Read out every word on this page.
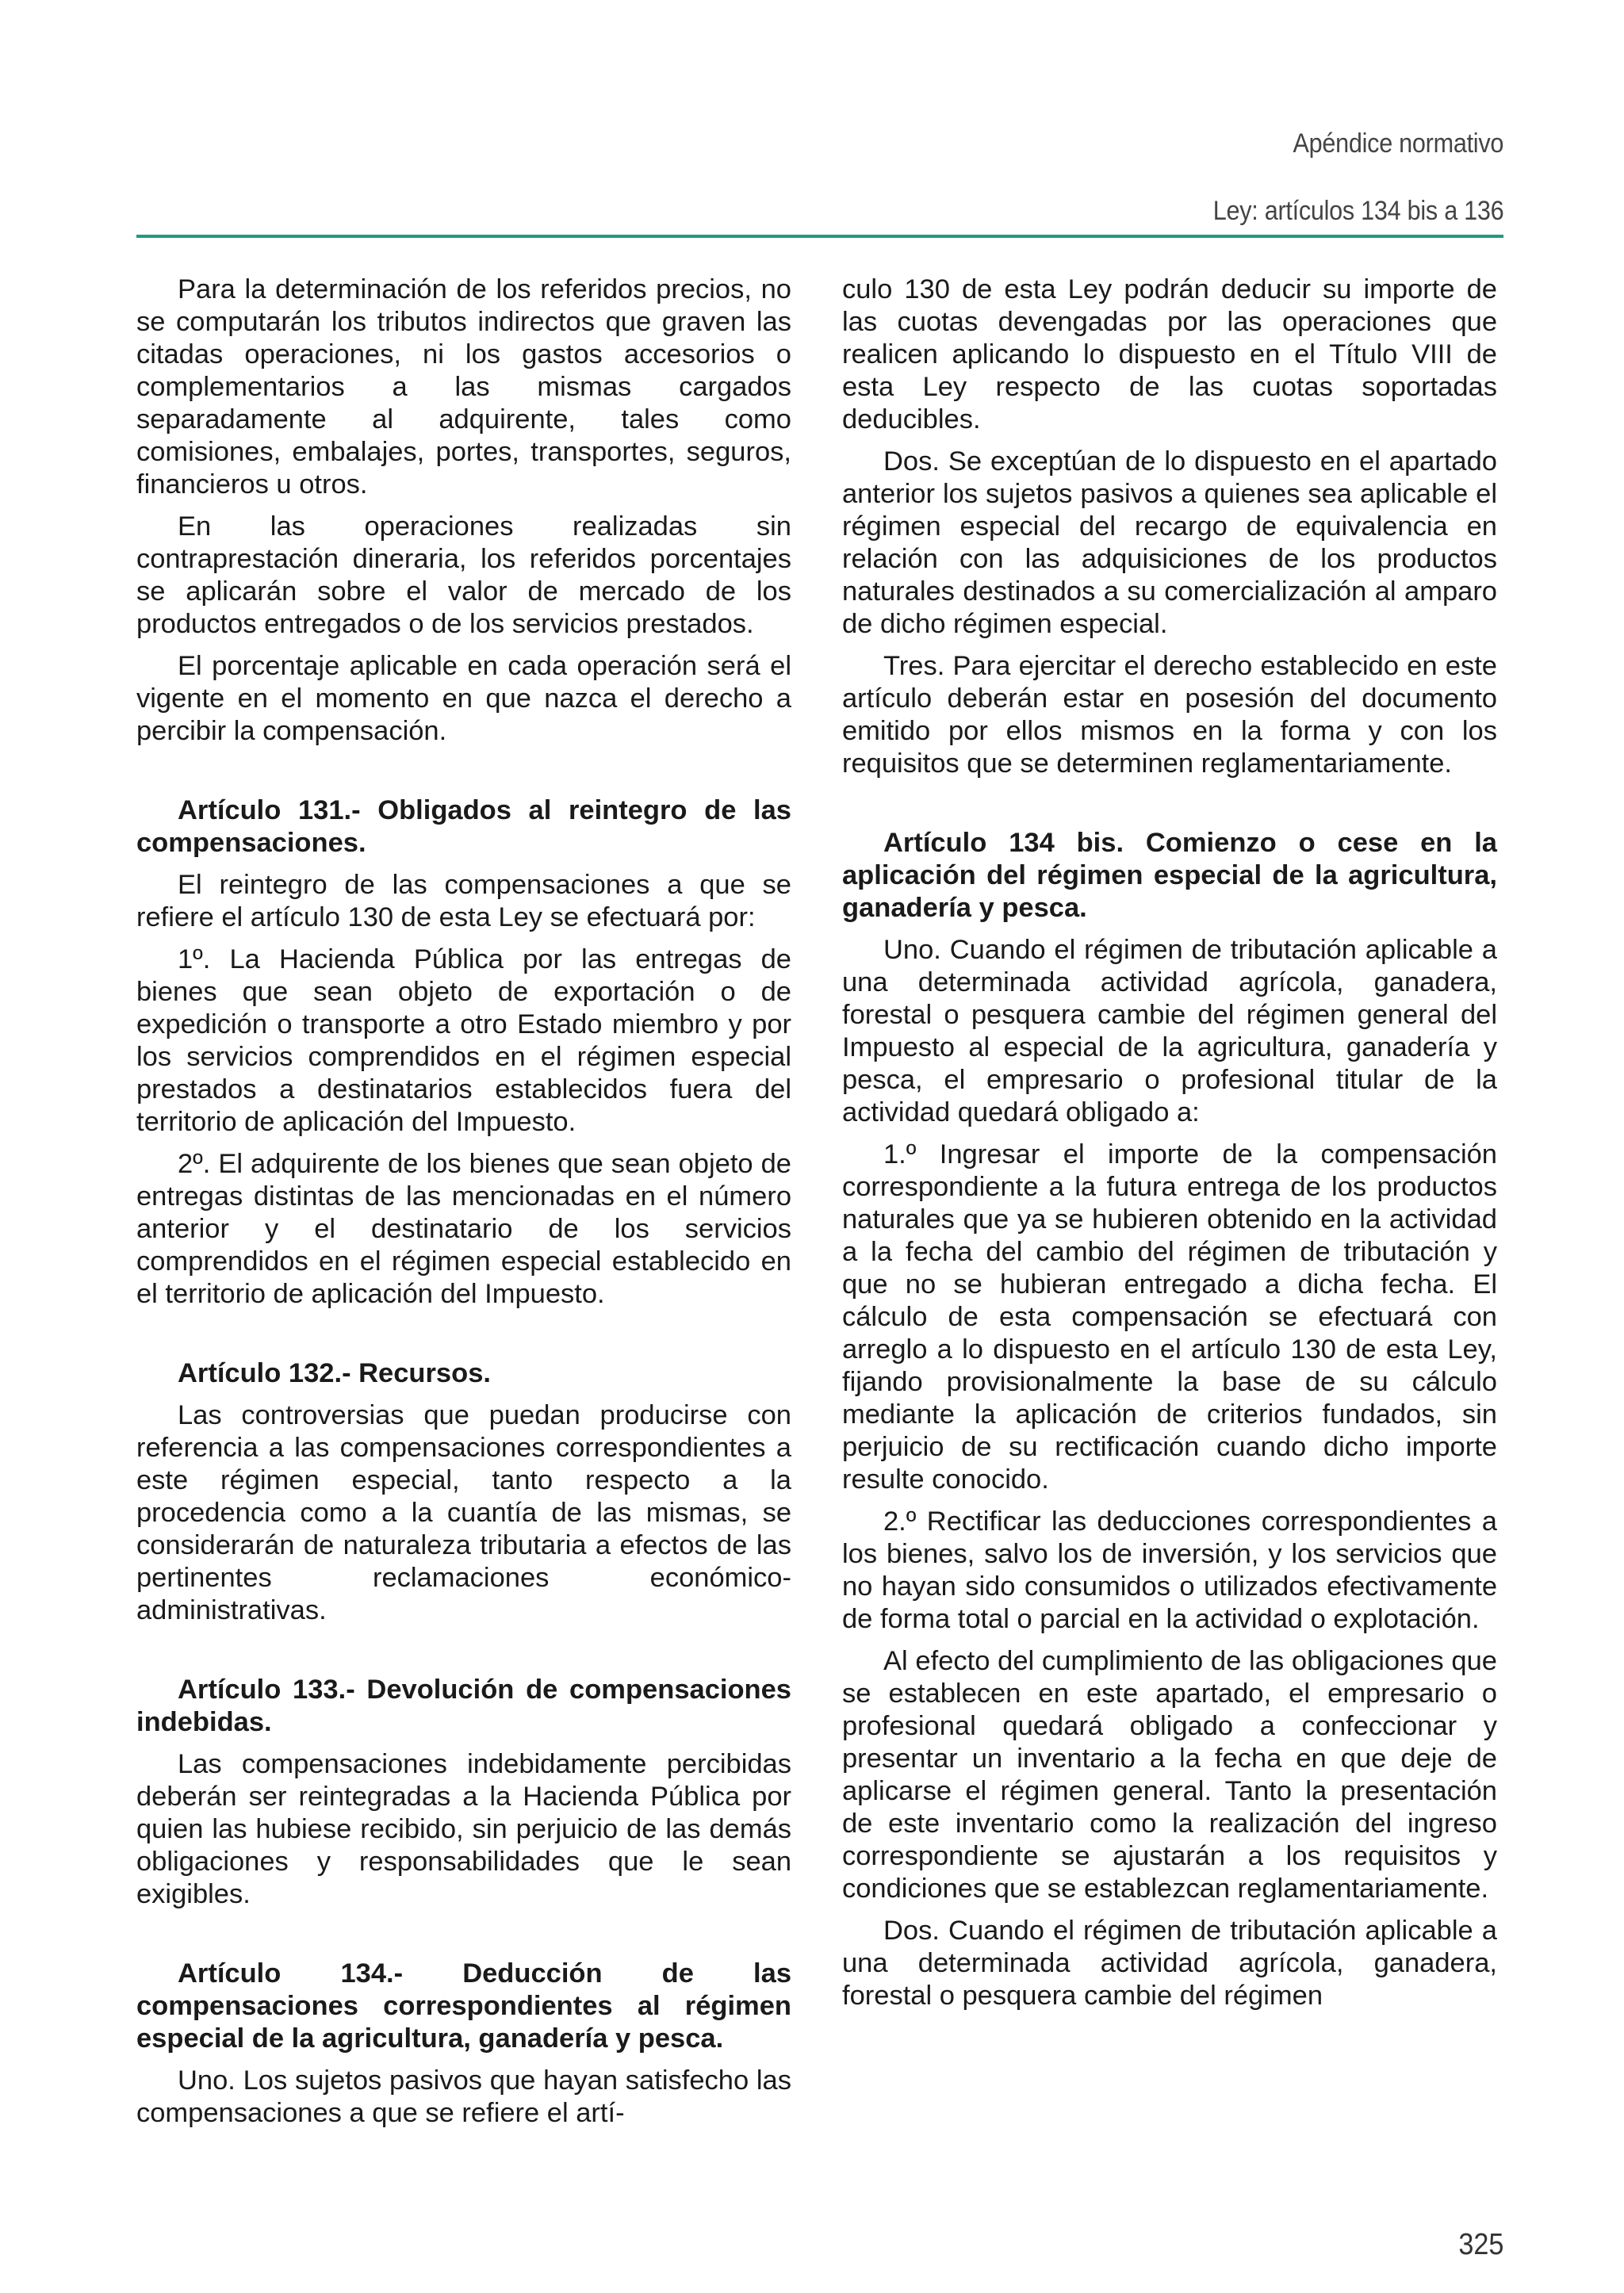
Apéndice normativo
Ley: artículos 134 bis a 136

Para la determinación de los referidos precios, no se computarán los tributos indirectos que graven las citadas operaciones, ni los gastos accesorios o complementarios a las mismas cargados separadamente al adquirente, tales como comisiones, embalajes, portes, transportes, seguros, financieros u otros.

En las operaciones realizadas sin contraprestación dineraria, los referidos porcentajes se aplicarán sobre el valor de mercado de los productos entregados o de los servicios prestados.

El porcentaje aplicable en cada operación será el vigente en el momento en que nazca el derecho a percibir la compensación.

Artículo 131.- Obligados al reintegro de las compensaciones.

El reintegro de las compensaciones a que se refiere el artículo 130 de esta Ley se efectuará por:

1º. La Hacienda Pública por las entregas de bienes que sean objeto de exportación o de expedición o transporte a otro Estado miembro y por los servicios comprendidos en el régimen especial prestados a destinatarios establecidos fuera del territorio de aplicación del Impuesto.

2º. El adquirente de los bienes que sean objeto de entregas distintas de las mencionadas en el número anterior y el destinatario de los servicios comprendidos en el régimen especial establecido en el territorio de aplicación del Impuesto.

Artículo 132.- Recursos.

Las controversias que puedan producirse con referencia a las compensaciones correspondientes a este régimen especial, tanto respecto a la procedencia como a la cuantía de las mismas, se considerarán de naturaleza tributaria a efectos de las pertinentes reclamaciones económico-administrativas.

Artículo 133.- Devolución de compensaciones indebidas.

Las compensaciones indebidamente percibidas deberán ser reintegradas a la Hacienda Pública por quien las hubiese recibido, sin perjuicio de las demás obligaciones y responsabilidades que le sean exigibles.

Artículo 134.- Deducción de las compensaciones correspondientes al régimen especial de la agricultura, ganadería y pesca.

Uno. Los sujetos pasivos que hayan satisfecho las compensaciones a que se refiere el artí-

culo 130 de esta Ley podrán deducir su importe de las cuotas devengadas por las operaciones que realicen aplicando lo dispuesto en el Título VIII de esta Ley respecto de las cuotas soportadas deducibles.

Dos. Se exceptúan de lo dispuesto en el apartado anterior los sujetos pasivos a quienes sea aplicable el régimen especial del recargo de equivalencia en relación con las adquisiciones de los productos naturales destinados a su comercialización al amparo de dicho régimen especial.

Tres. Para ejercitar el derecho establecido en este artículo deberán estar en posesión del documento emitido por ellos mismos en la forma y con los requisitos que se determinen reglamentariamente.

Artículo 134 bis. Comienzo o cese en la aplicación del régimen especial de la agricultura, ganadería y pesca.

Uno. Cuando el régimen de tributación aplicable a una determinada actividad agrícola, ganadera, forestal o pesquera cambie del régimen general del Impuesto al especial de la agricultura, ganadería y pesca, el empresario o profesional titular de la actividad quedará obligado a:

1.º Ingresar el importe de la compensación correspondiente a la futura entrega de los productos naturales que ya se hubieren obtenido en la actividad a la fecha del cambio del régimen de tributación y que no se hubieran entregado a dicha fecha. El cálculo de esta compensación se efectuará con arreglo a lo dispuesto en el artículo 130 de esta Ley, fijando provisionalmente la base de su cálculo mediante la aplicación de criterios fundados, sin perjuicio de su rectificación cuando dicho importe resulte conocido.

2.º Rectificar las deducciones correspondientes a los bienes, salvo los de inversión, y los servicios que no hayan sido consumidos o utilizados efectivamente de forma total o parcial en la actividad o explotación.

Al efecto del cumplimiento de las obligaciones que se establecen en este apartado, el empresario o profesional quedará obligado a confeccionar y presentar un inventario a la fecha en que deje de aplicarse el régimen general. Tanto la presentación de este inventario como la realización del ingreso correspondiente se ajustarán a los requisitos y condiciones que se establezcan reglamentariamente.

Dos. Cuando el régimen de tributación aplicable a una determinada actividad agrícola, ganadera, forestal o pesquera cambie del régimen

325
